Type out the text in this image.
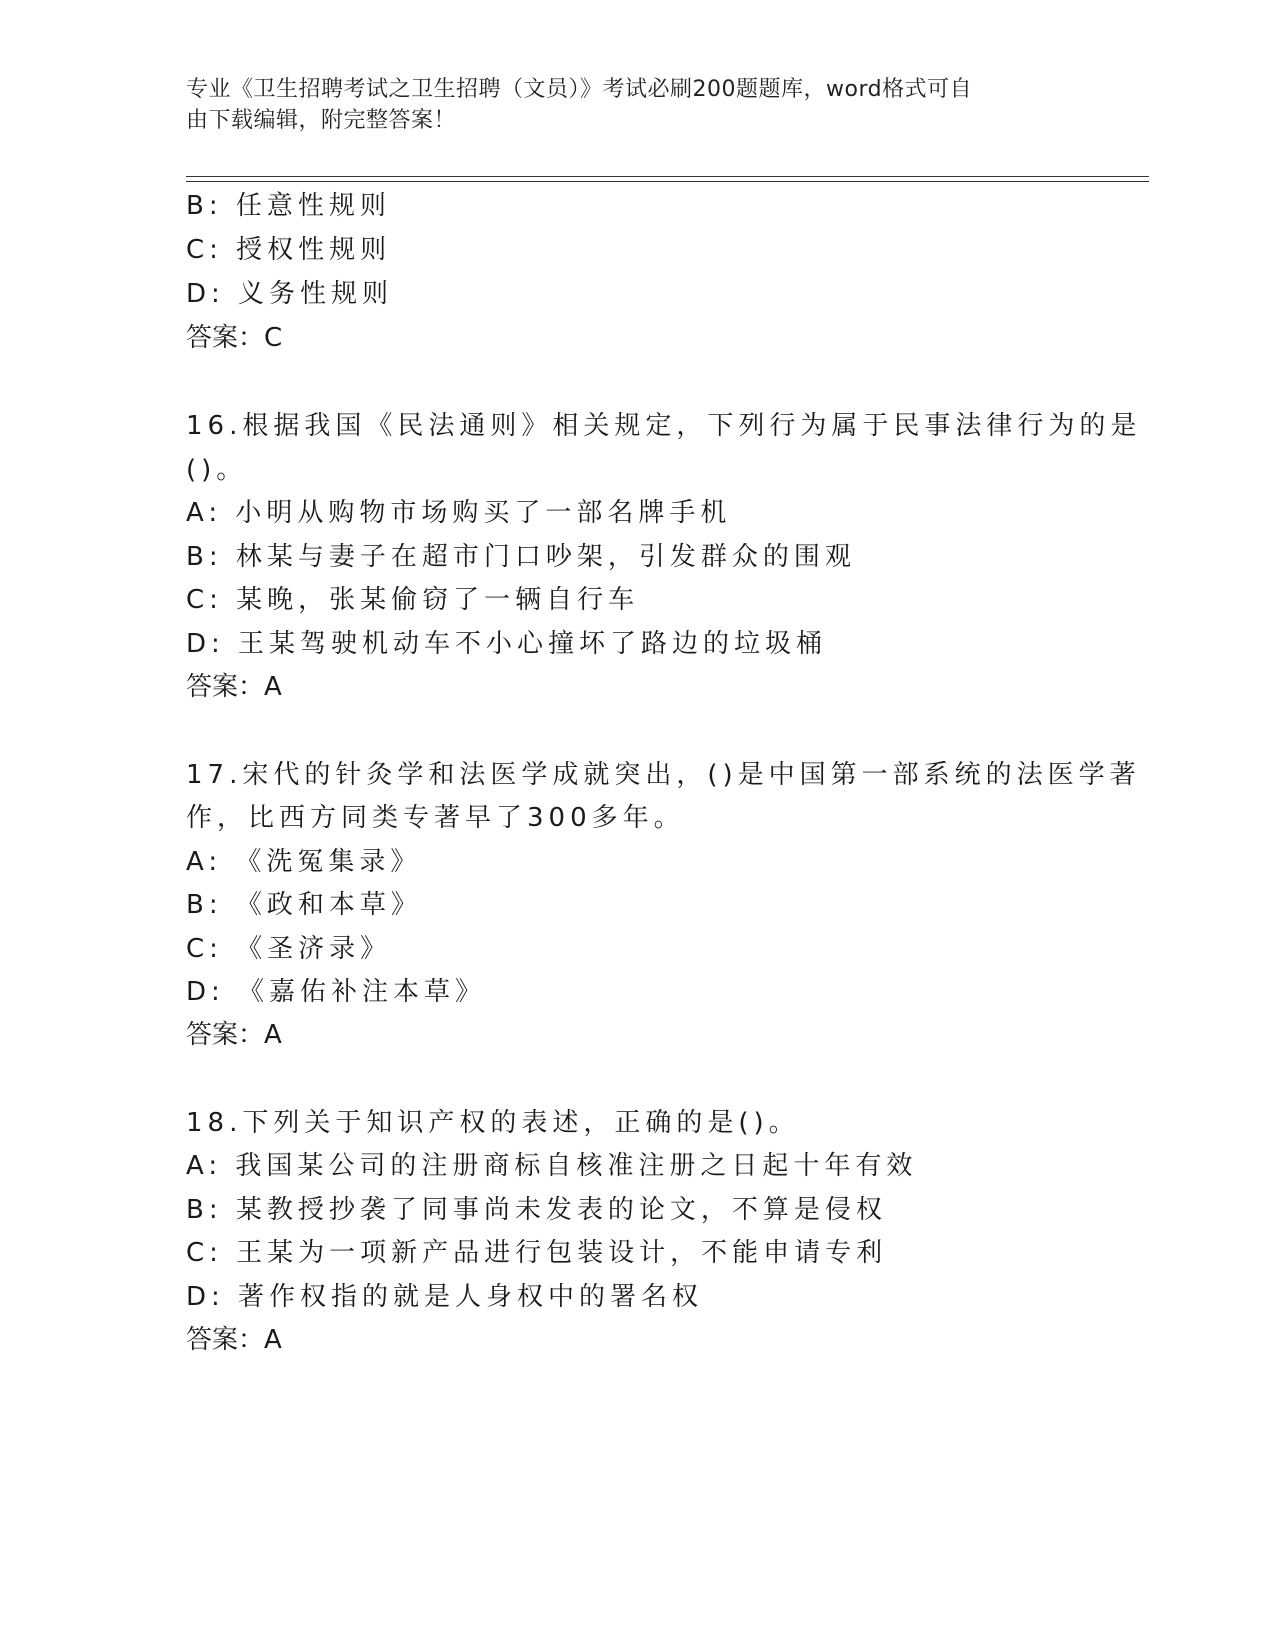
专业《卫生招聘考试之卫生招聘（文员）》考试必刷200题题库，word格式可自
由下载编辑，附完整答案！
B: 任意性规则
C: 授权性规则
D: 义务性规则
答案：C
16.根据我国《民法通则》相关规定，下列行为属于民事法律行为的是
()。
A: 小明从购物市场购买了一部名牌手机
B: 林某与妻子在超市门口吵架，引发群众的围观
C: 某晚，张某偷窃了一辆自行车
D: 王某驾驶机动车不小心撞坏了路边的垃圾桶
答案：A
17.宋代的针灸学和法医学成就突出，()是中国第一部系统的法医学著
作，比西方同类专著早了300多年。
A: 《洗冤集录》
B: 《政和本草》
C: 《圣济录》
D: 《嘉佑补注本草》
答案：A
18.下列关于知识产权的表述，正确的是()。
A: 我国某公司的注册商标自核准注册之日起十年有效
B: 某教授抄袭了同事尚未发表的论文，不算是侵权
C: 王某为一项新产品进行包装设计，不能申请专利
D: 著作权指的就是人身权中的署名权
答案：A
